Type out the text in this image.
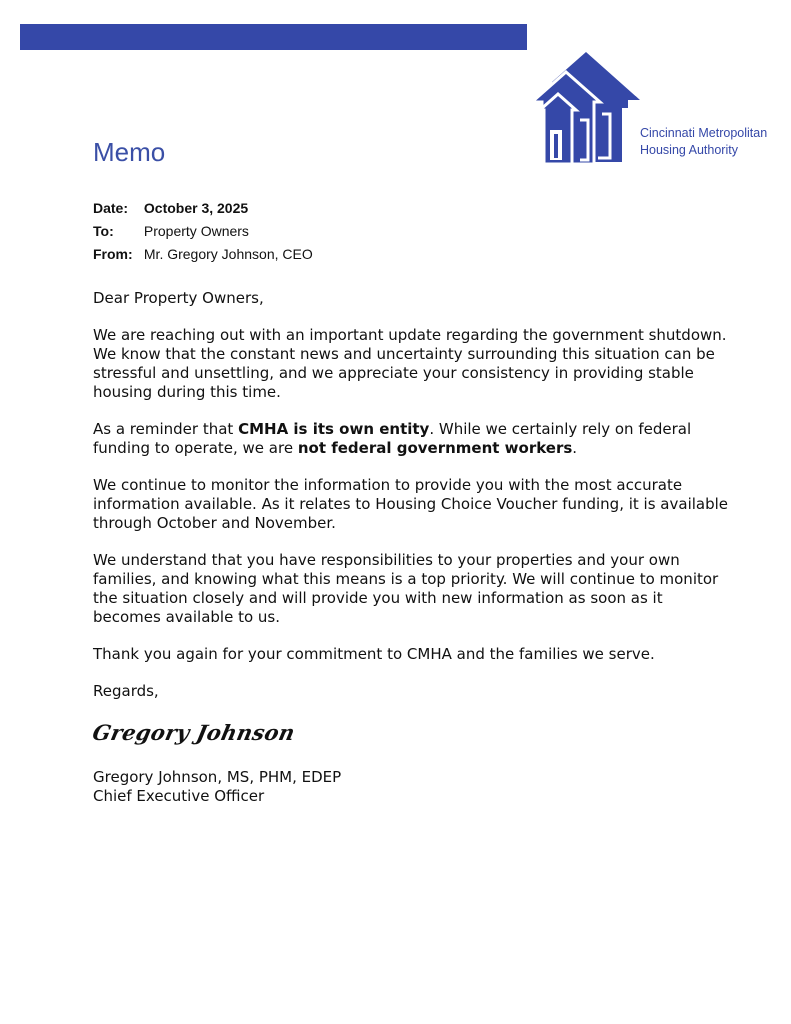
Cincinnati Metropolitan
Housing Authority
Memo
Date: October 3, 2025
To: Property Owners
From: Mr. Gregory Johnson, CEO

Dear Property Owners,

We are reaching out with an important update regarding the government shutdown. We know that the constant news and uncertainty surrounding this situation can be stressful and unsettling, and we appreciate your consistency in providing stable housing during this time.

As a reminder that CMHA is its own entity. While we certainly rely on federal funding to operate, we are not federal government workers.

We continue to monitor the information to provide you with the most accurate information available. As it relates to Housing Choice Voucher funding, it is available through October and November.

We understand that you have responsibilities to your properties and your own families, and knowing what this means is a top priority. We will continue to monitor the situation closely and will provide you with new information as soon as it becomes available to us.

Thank you again for your commitment to CMHA and the families we serve.

Regards,

Gregory Johnson
Gregory Johnson, MS, PHM, EDEP
Chief Executive Officer
